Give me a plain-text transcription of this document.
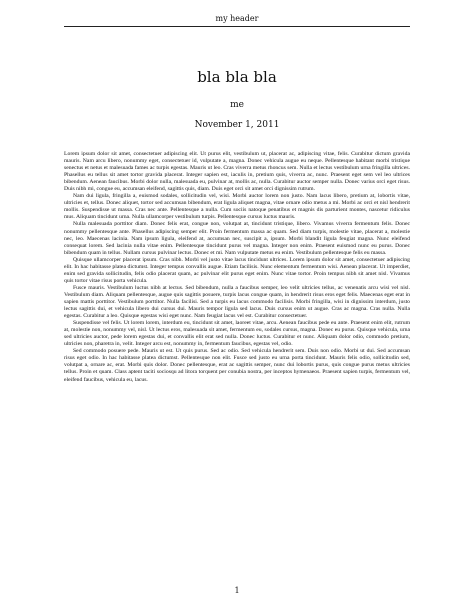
my header
bla bla bla
me
November 1, 2011

Lorem ipsum dolor sit amet, consectetuer adipiscing elit. Ut purus elit, vestibulum ut, placerat ac, adipiscing vitae, felis. Curabitur dictum gravida mauris. Nam arcu libero, nonummy eget, consectetuer id, vulputate a, magna. Donec vehicula augue eu neque. Pellentesque habitant morbi tristique senectus et netus et malesuada fames ac turpis egestas. Mauris ut leo. Cras viverra metus rhoncus sem. Nulla et lectus vestibulum urna fringilla ultrices. Phasellus eu tellus sit amet tortor gravida placerat. Integer sapien est, iaculis in, pretium quis, viverra ac, nunc. Praesent eget sem vel leo ultrices bibendum. Aenean faucibus. Morbi dolor nulla, malesuada eu, pulvinar at, mollis ac, nulla. Curabitur auctor semper nulla. Donec varius orci eget risus. Duis nibh mi, congue eu, accumsan eleifend, sagittis quis, diam. Duis eget orci sit amet orci dignissim rutrum.

Nam dui ligula, fringilla a, euismod sodales, sollicitudin vel, wisi. Morbi auctor lorem non justo. Nam lacus libero, pretium at, lobortis vitae, ultricies et, tellus. Donec aliquet, tortor sed accumsan bibendum, erat ligula aliquet magna, vitae ornare odio metus a mi. Morbi ac orci et nisl hendrerit mollis. Suspendisse ut massa. Cras nec ante. Pellentesque a nulla. Cum sociis natoque penatibus et magnis dis parturient montes, nascetur ridiculus mus. Aliquam tincidunt urna. Nulla ullamcorper vestibulum turpis. Pellentesque cursus luctus mauris.

Nulla malesuada porttitor diam. Donec felis erat, congue non, volutpat at, tincidunt tristique, libero. Vivamus viverra fermentum felis. Donec nonummy pellentesque ante. Phasellus adipiscing semper elit. Proin fermentum massa ac quam. Sed diam turpis, molestie vitae, placerat a, molestie nec, leo. Maecenas lacinia. Nam ipsum ligula, eleifend at, accumsan nec, suscipit a, ipsum. Morbi blandit ligula feugiat magna. Nunc eleifend consequat lorem. Sed lacinia nulla vitae enim. Pellentesque tincidunt purus vel magna. Integer non enim. Praesent euismod nunc eu purus. Donec bibendum quam in tellus. Nullam cursus pulvinar lectus. Donec et mi. Nam vulputate metus eu enim. Vestibulum pellentesque felis eu massa.

Quisque ullamcorper placerat ipsum. Cras nibh. Morbi vel justo vitae lacus tincidunt ultrices. Lorem ipsum dolor sit amet, consectetuer adipiscing elit. In hac habitasse platea dictumst. Integer tempus convallis augue. Etiam facilisis. Nunc elementum fermentum wisi. Aenean placerat. Ut imperdiet, enim sed gravida sollicitudin, felis odio placerat quam, ac pulvinar elit purus eget enim. Nunc vitae tortor. Proin tempus nibh sit amet nisl. Vivamus quis tortor vitae risus porta vehicula.

Fusce mauris. Vestibulum luctus nibh at lectus. Sed bibendum, nulla a faucibus semper, leo velit ultricies tellus, ac venenatis arcu wisi vel nisl. Vestibulum diam. Aliquam pellentesque, augue quis sagittis posuere, turpis lacus congue quam, in hendrerit risus eros eget felis. Maecenas eget erat in sapien mattis porttitor. Vestibulum porttitor. Nulla facilisi. Sed a turpis eu lacus commodo facilisis. Morbi fringilla, wisi in dignissim interdum, justo lectus sagittis dui, et vehicula libero dui cursus dui. Mauris tempor ligula sed lacus. Duis cursus enim ut augue. Cras ac magna. Cras nulla. Nulla egestas. Curabitur a leo. Quisque egestas wisi eget nunc. Nam feugiat lacus vel est. Curabitur consectetuer.

Suspendisse vel felis. Ut lorem lorem, interdum eu, tincidunt sit amet, laoreet vitae, arcu. Aenean faucibus pede eu ante. Praesent enim elit, rutrum at, molestie non, nonummy vel, nisl. Ut lectus eros, malesuada sit amet, fermentum eu, sodales cursus, magna. Donec eu purus. Quisque vehicula, urna sed ultricies auctor, pede lorem egestas dui, et convallis elit erat sed nulla. Donec luctus. Curabitur et nunc. Aliquam dolor odio, commodo pretium, ultricies non, pharetra in, velit. Integer arcu est, nonummy in, fermentum faucibus, egestas vel, odio.

Sed commodo posuere pede. Mauris ut est. Ut quis purus. Sed ac odio. Sed vehicula hendrerit sem. Duis non odio. Morbi ut dui. Sed accumsan risus eget odio. In hac habitasse platea dictumst. Pellentesque non elit. Fusce sed justo eu urna porta tincidunt. Mauris felis odio, sollicitudin sed, volutpat a, ornare ac, erat. Morbi quis dolor. Donec pellentesque, erat ac sagittis semper, nunc dui lobortis purus, quis congue purus metus ultricies tellus. Proin et quam. Class aptent taciti sociosqu ad litora torquent per conubia nostra, per inceptos hymenaeos. Praesent sapien turpis, fermentum vel, eleifend faucibus, vehicula eu, lacus.

1
